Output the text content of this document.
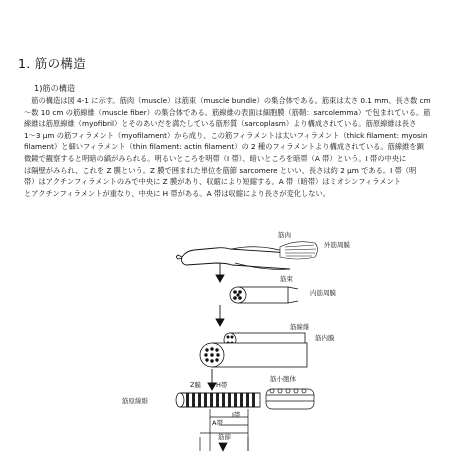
1. 筋の構造
1)筋の構造
　筋の構造は図 4-1 に示す。筋肉（muscle）は筋束（muscle bundle）の集合体である。筋束は太さ 0.1 mm、長さ数 cm
〜数 10 cm の筋線維（muscle fiber）の集合体である。筋線維の表面は細胞膜（筋鞘：sarcolemma）で包まれている。筋
線維は筋原線維（myofibril）とそのあいだを満たしている筋形質（sarcoplasm）より構成されている。筋原線維は長さ
1〜3 μm の筋フィラメント（myofilament）から成り、この筋フィラメントは太いフィラメント（thick filament: myosin
filament）と細いフィラメント（thin filament: actin filament）の 2 種のフィラメントより構成されている。筋線維を顕
微鏡で観察すると明暗の縞がみられる。明るいところを明帯（I 帯）、暗いところを暗帯（A 帯）という。I 帯の中央に
は隔壁がみられ、これを Z 膜という。Z 膜で囲まれた単位を筋節 sarcomere といい、長さは約 2 μm である。I 帯（明
帯）はアクチンフィラメントのみで中央に Z 膜があり、収縮により短縮する。A 帯（暗帯）はミオシンフィラメント
とアクチンフィラメントが重なり、中央に H 帯がある。A 帯は収縮により長さが変化しない。
筋肉
外筋周膜
筋束
内筋周膜
筋線維
筋内膜
Z膜 H帯
筋小胞体
筋原線維
A帯
I帯
筋節
